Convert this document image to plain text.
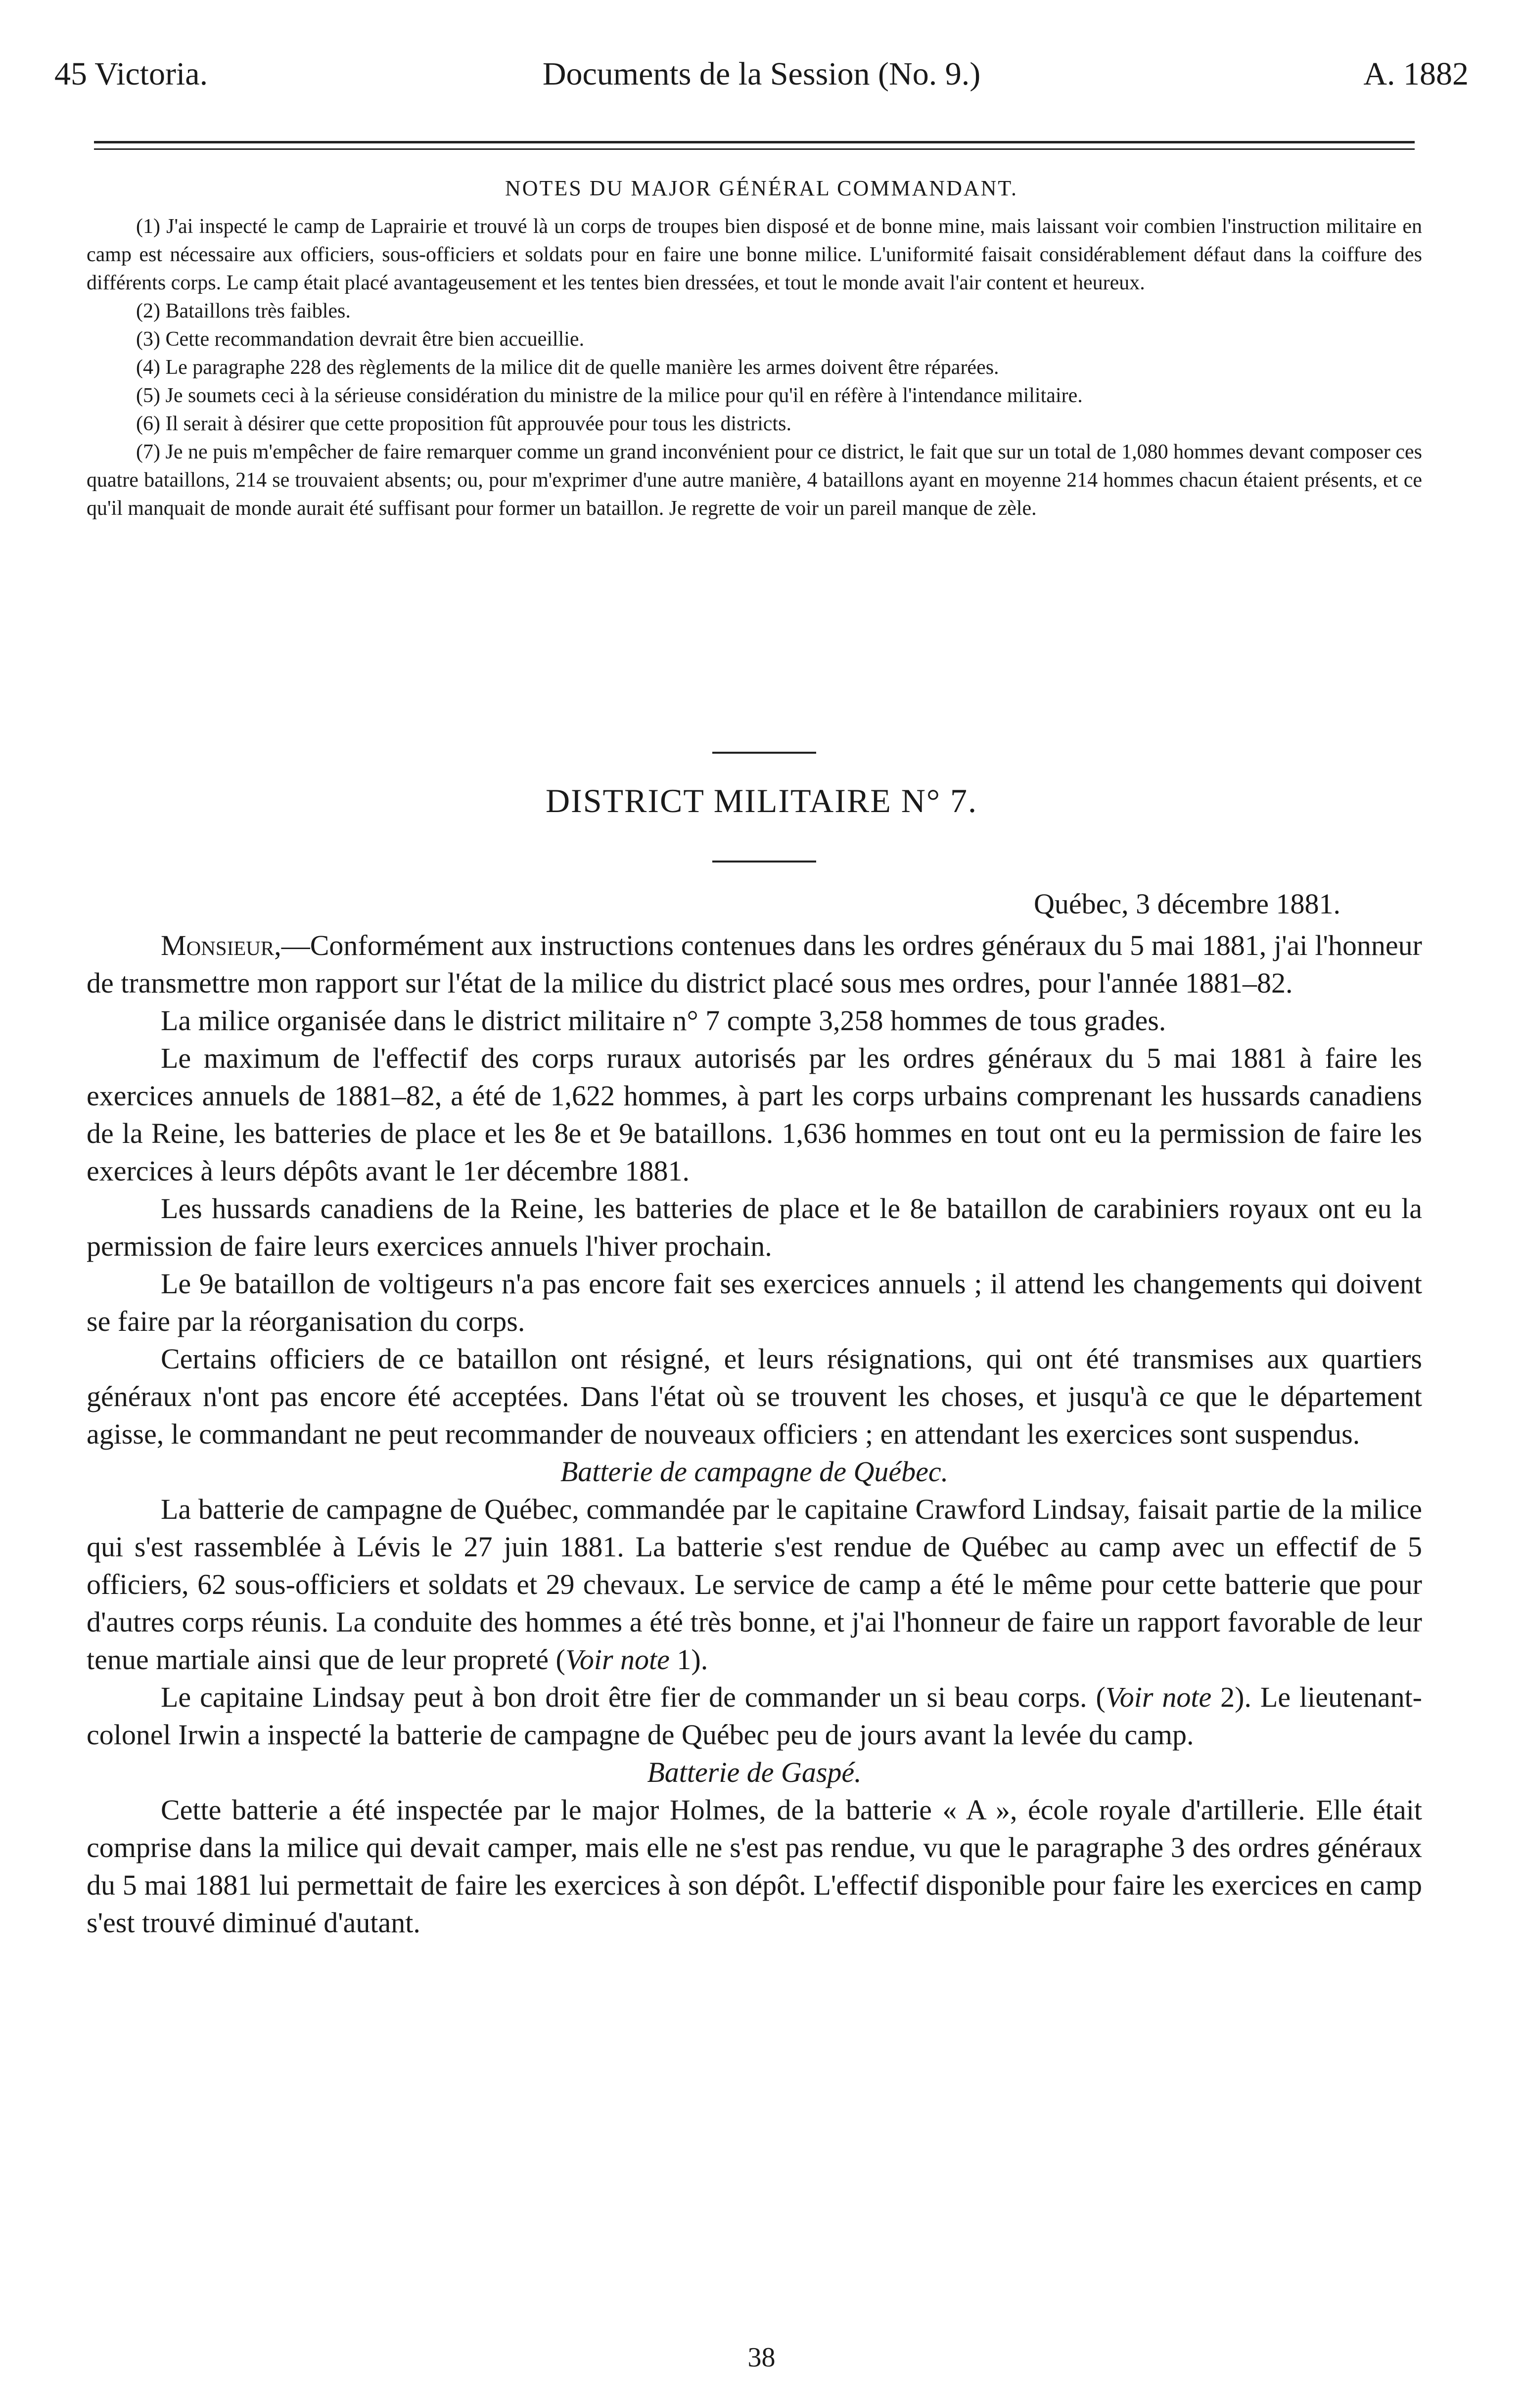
45 Victoria.	Documents de la Session (No. 9.)	A. 1882
NOTES DU MAJOR GÉNÉRAL COMMANDANT.

(1) J'ai inspecté le camp de Laprairie et trouvé là un corps de troupes bien disposé et de bonne mine, mais laissant voir combien l'instruction militaire en camp est nécessaire aux officiers, sous-officiers et soldats pour en faire une bonne milice. L'uniformité faisait considérablement défaut dans la coiffure des différents corps. Le camp était placé avantageusement et les tentes bien dressées, et tout le monde avait l'air content et heureux.

(2) Bataillons très faibles.

(3) Cette recommandation devrait être bien accueillie.

(4) Le paragraphe 228 des règlements de la milice dit de quelle manière les armes doivent être réparées.

(5) Je soumets ceci à la sérieuse considération du ministre de la milice pour qu'il en réfère à l'intendance militaire.

(6) Il serait à désirer que cette proposition fût approuvée pour tous les districts.

(7) Je ne puis m'empêcher de faire remarquer comme un grand inconvénient pour ce district, le fait que sur un total de 1,080 hommes devant composer ces quatre bataillons, 214 se trouvaient absents; ou, pour m'exprimer d'une autre manière, 4 bataillons ayant en moyenne 214 hommes chacun étaient présents, et ce qu'il manquait de monde aurait été suffisant pour former un bataillon. Je regrette de voir un pareil manque de zèle.

DISTRICT MILITAIRE N° 7.

Québec, 3 décembre 1881.

Monsieur,—Conformément aux instructions contenues dans les ordres généraux du 5 mai 1881, j'ai l'honneur de transmettre mon rapport sur l'état de la milice du district placé sous mes ordres, pour l'année 1881–82.

La milice organisée dans le district militaire n° 7 compte 3,258 hommes de tous grades.

Le maximum de l'effectif des corps ruraux autorisés par les ordres généraux du 5 mai 1881 à faire les exercices annuels de 1881–82, a été de 1,622 hommes, à part les corps urbains comprenant les hussards canadiens de la Reine, les batteries de place et les 8e et 9e bataillons. 1,636 hommes en tout ont eu la permission de faire les exercices à leurs dépôts avant le 1er décembre 1881.

Les hussards canadiens de la Reine, les batteries de place et le 8e bataillon de carabiniers royaux ont eu la permission de faire leurs exercices annuels l'hiver prochain.

Le 9e bataillon de voltigeurs n'a pas encore fait ses exercices annuels ; il attend les changements qui doivent se faire par la réorganisation du corps.

Certains officiers de ce bataillon ont résigné, et leurs résignations, qui ont été transmises aux quartiers généraux n'ont pas encore été acceptées. Dans l'état où se trouvent les choses, et jusqu'à ce que le département agisse, le commandant ne peut recommander de nouveaux officiers ; en attendant les exercices sont suspendus.

Batterie de campagne de Québec.

La batterie de campagne de Québec, commandée par le capitaine Crawford Lindsay, faisait partie de la milice qui s'est rassemblée à Lévis le 27 juin 1881. La batterie s'est rendue de Québec au camp avec un effectif de 5 officiers, 62 sous-officiers et soldats et 29 chevaux. Le service de camp a été le même pour cette batterie que pour d'autres corps réunis. La conduite des hommes a été très bonne, et j'ai l'honneur de faire un rapport favorable de leur tenue martiale ainsi que de leur propreté (Voir note 1).

Le capitaine Lindsay peut à bon droit être fier de commander un si beau corps. (Voir note 2). Le lieutenant-colonel Irwin a inspecté la batterie de campagne de Québec peu de jours avant la levée du camp.

Batterie de Gaspé.

Cette batterie a été inspectée par le major Holmes, de la batterie « A », école royale d'artillerie. Elle était comprise dans la milice qui devait camper, mais elle ne s'est pas rendue, vu que le paragraphe 3 des ordres généraux du 5 mai 1881 lui permettait de faire les exercices à son dépôt. L'effectif disponible pour faire les exercices en camp s'est trouvé diminué d'autant.

38
